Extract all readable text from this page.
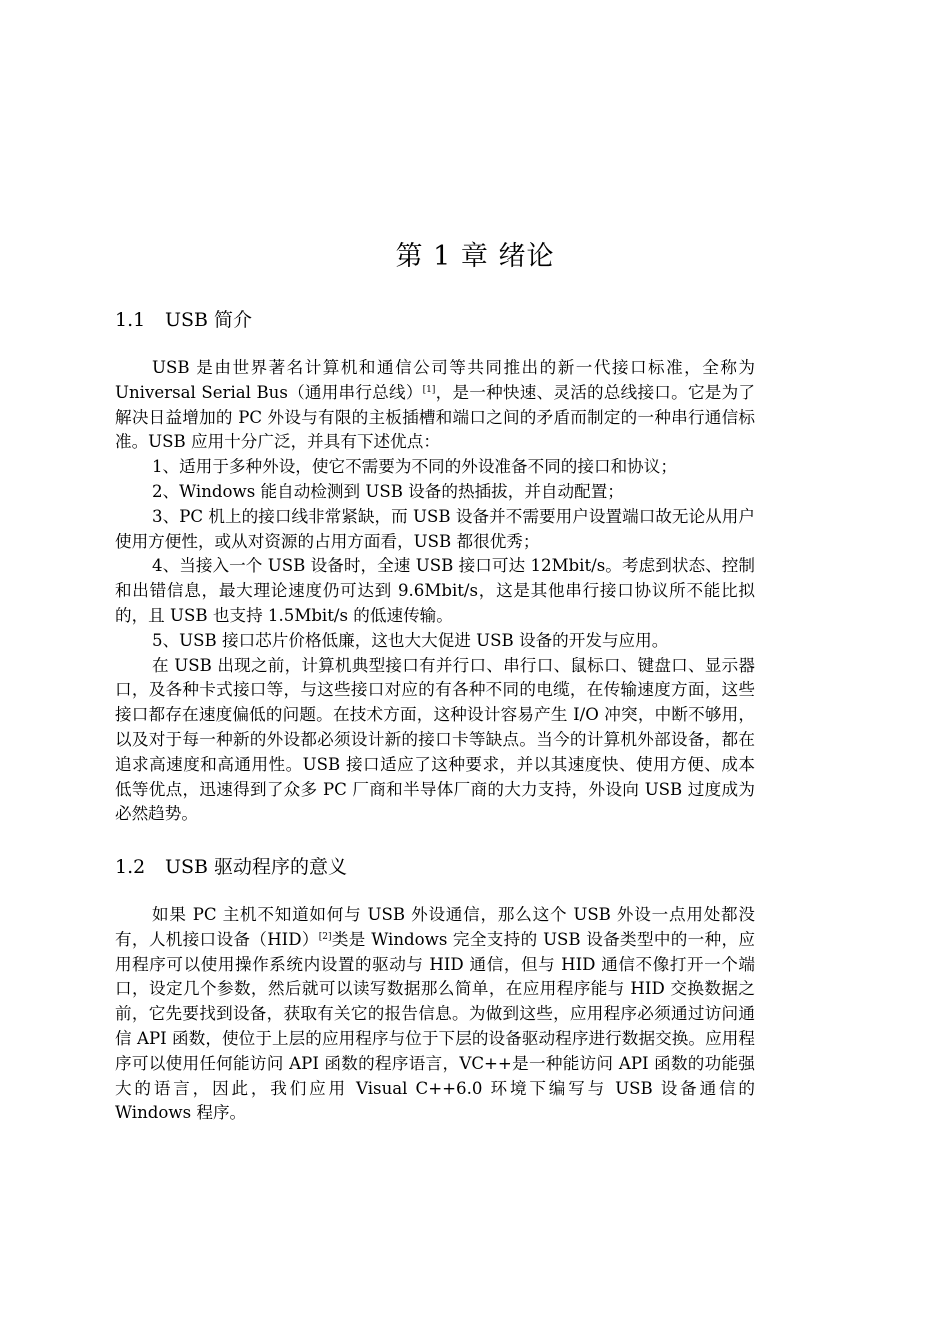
第 1 章 绪论
1.1 USB 简介

USB 是由世界著名计算机和通信公司等共同推出的新一代接口标准，全称为 Universal Serial Bus（通用串行总线）[1]，是一种快速、灵活的总线接口。它是为了解决日益增加的 PC 外设与有限的主板插槽和端口之间的矛盾而制定的一种串行通信标准。USB 应用十分广泛，并具有下述优点：

1、适用于多种外设，使它不需要为不同的外设准备不同的接口和协议；

2、Windows 能自动检测到 USB 设备的热插拔，并自动配置；

3、PC 机上的接口线非常紧缺，而 USB 设备并不需要用户设置端口故无论从用户使用方便性，或从对资源的占用方面看，USB 都很优秀；

4、当接入一个 USB 设备时，全速 USB 接口可达 12Mbit/s。考虑到状态、控制和出错信息，最大理论速度仍可达到 9.6Mbit/s，这是其他串行接口协议所不能比拟的，且 USB 也支持 1.5Mbit/s 的低速传输。

5、USB 接口芯片价格低廉，这也大大促进 USB 设备的开发与应用。

在 USB 出现之前，计算机典型接口有并行口、串行口、鼠标口、键盘口、显示器口，及各种卡式接口等，与这些接口对应的有各种不同的电缆，在传输速度方面，这些接口都存在速度偏低的问题。在技术方面，这种设计容易产生 I/O 冲突，中断不够用，以及对于每一种新的外设都必须设计新的接口卡等缺点。当今的计算机外部设备，都在追求高速度和高通用性。USB 接口适应了这种要求，并以其速度快、使用方便、成本低等优点，迅速得到了众多 PC 厂商和半导体厂商的大力支持，外设向 USB 过度成为必然趋势。

1.2 USB 驱动程序的意义

如果 PC 主机不知道如何与 USB 外设通信，那么这个 USB 外设一点用处都没有，人机接口设备（HID）[2]类是 Windows 完全支持的 USB 设备类型中的一种，应用程序可以使用操作系统内设置的驱动与 HID 通信，但与 HID 通信不像打开一个端口，设定几个参数，然后就可以读写数据那么简单，在应用程序能与 HID 交换数据之前，它先要找到设备，获取有关它的报告信息。为做到这些，应用程序必须通过访问通信 API 函数，使位于上层的应用程序与位于下层的设备驱动程序进行数据交换。应用程序可以使用任何能访问 API 函数的程序语言，VC++是一种能访问 API 函数的功能强大的语言，因此，我们应用 Visual C++6.0 环境下编写与 USB 设备通信的 Windows 程序。
